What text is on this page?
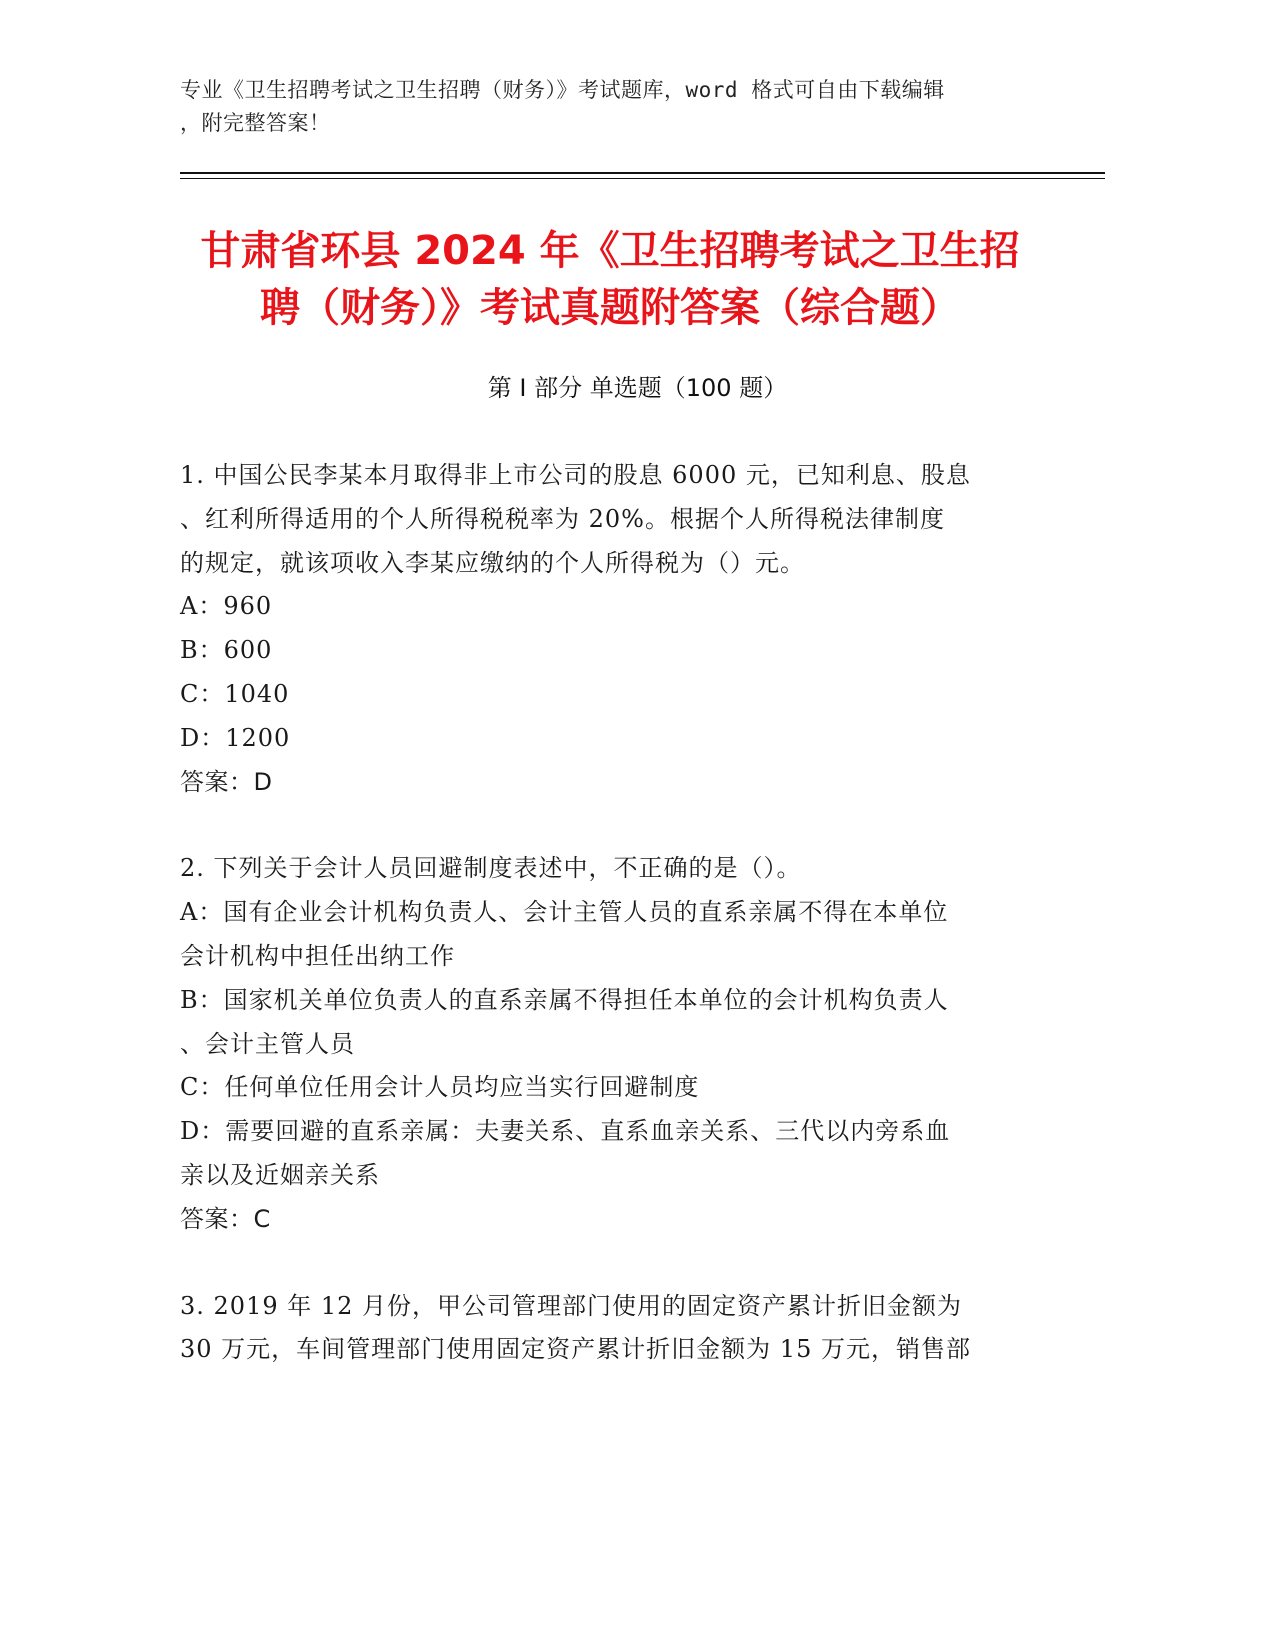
专业《卫生招聘考试之卫生招聘（财务）》考试题库，word 格式可自由下载编辑
，附完整答案！
甘肃省环县 2024 年《卫生招聘考试之卫生招
聘（财务）》考试真题附答案（综合题）
第 I 部分 单选题（100 题）

1. 中国公民李某本月取得非上市公司的股息 6000 元，已知利息、股息

、红利所得适用的个人所得税税率为 20%。根据个人所得税法律制度

的规定，就该项收入李某应缴纳的个人所得税为（）元。

A：960

B：600

C：1040

D：1200

答案：D

2. 下列关于会计人员回避制度表述中，不正确的是（）。

A：国有企业会计机构负责人、会计主管人员的直系亲属不得在本单位

会计机构中担任出纳工作

B：国家机关单位负责人的直系亲属不得担任本单位的会计机构负责人

、会计主管人员

C：任何单位任用会计人员均应当实行回避制度

D：需要回避的直系亲属：夫妻关系、直系血亲关系、三代以内旁系血

亲以及近姻亲关系

答案：C

3. 2019 年 12 月份，甲公司管理部门使用的固定资产累计折旧金额为

30 万元，车间管理部门使用固定资产累计折旧金额为 15 万元，销售部
